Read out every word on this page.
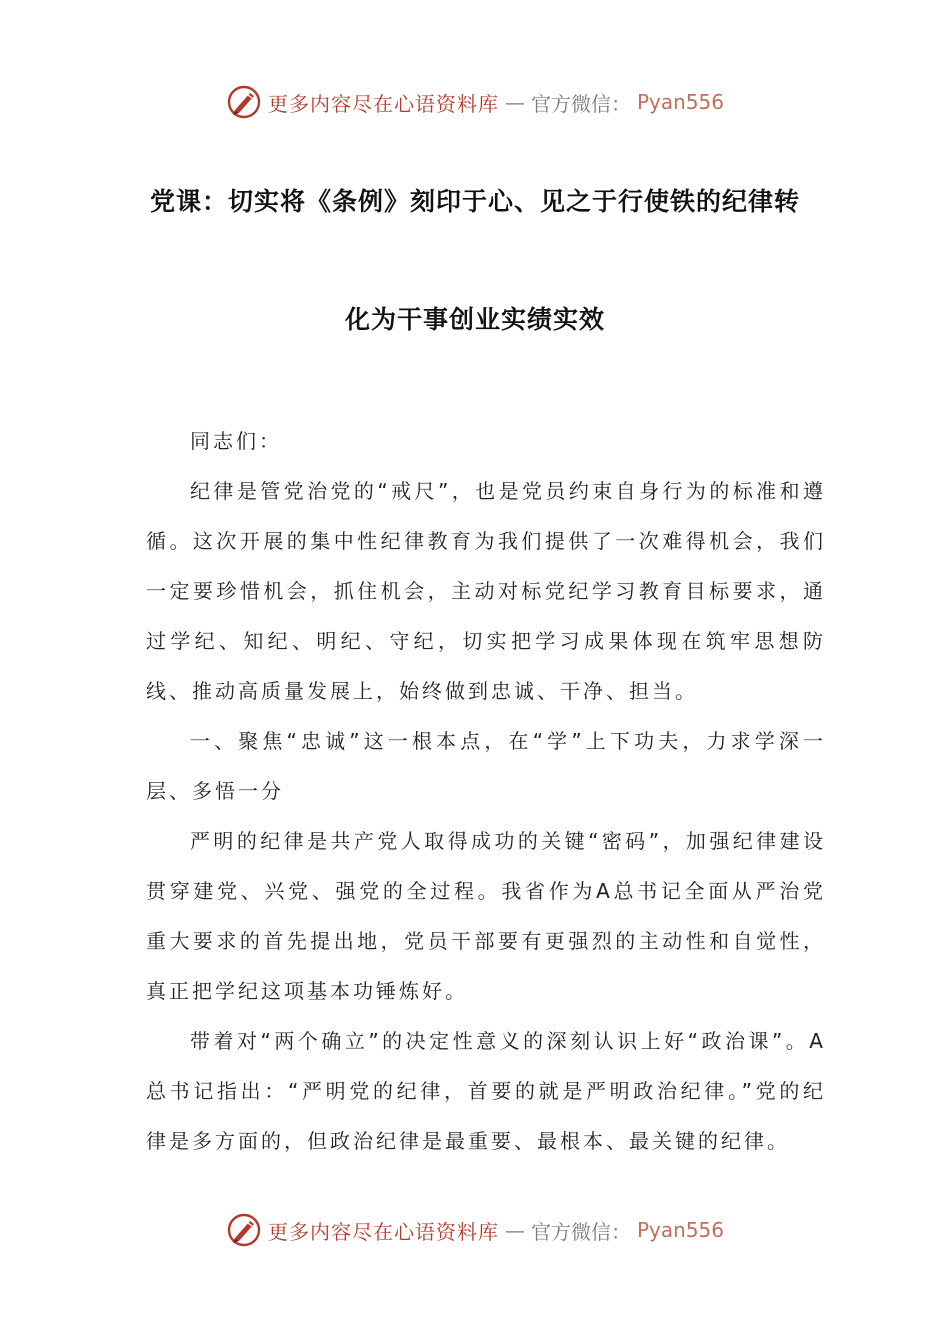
更多内容尽在心语资料库 — 官方微信： Pyan556
党课：切实将《条例》刻印于心、见之于行使铁的纪律转
化为干事创业实绩实效

同志们：

纪律是管党治党的“戒尺”，也是党员约束自身行为的标准和遵循。这次开展的集中性纪律教育为我们提供了一次难得机会，我们一定要珍惜机会，抓住机会，主动对标党纪学习教育目标要求，通过学纪、知纪、明纪、守纪，切实把学习成果体现在筑牢思想防线、推动高质量发展上，始终做到忠诚、干净、担当。

一、聚焦“忠诚”这一根本点，在“学”上下功夫，力求学深一层、多悟一分

严明的纪律是共产党人取得成功的关键“密码”，加强纪律建设贯穿建党、兴党、强党的全过程。我省作为A总书记全面从严治党重大要求的首先提出地，党员干部要有更强烈的主动性和自觉性，真正把学纪这项基本功锤炼好。

带着对“两个确立”的决定性意义的深刻认识上好“政治课”。A总书记指出：“严明党的纪律，首要的就是严明政治纪律。”党的纪律是多方面的，但政治纪律是最重要、最根本、最关键的纪律。

更多内容尽在心语资料库 — 官方微信： Pyan556
